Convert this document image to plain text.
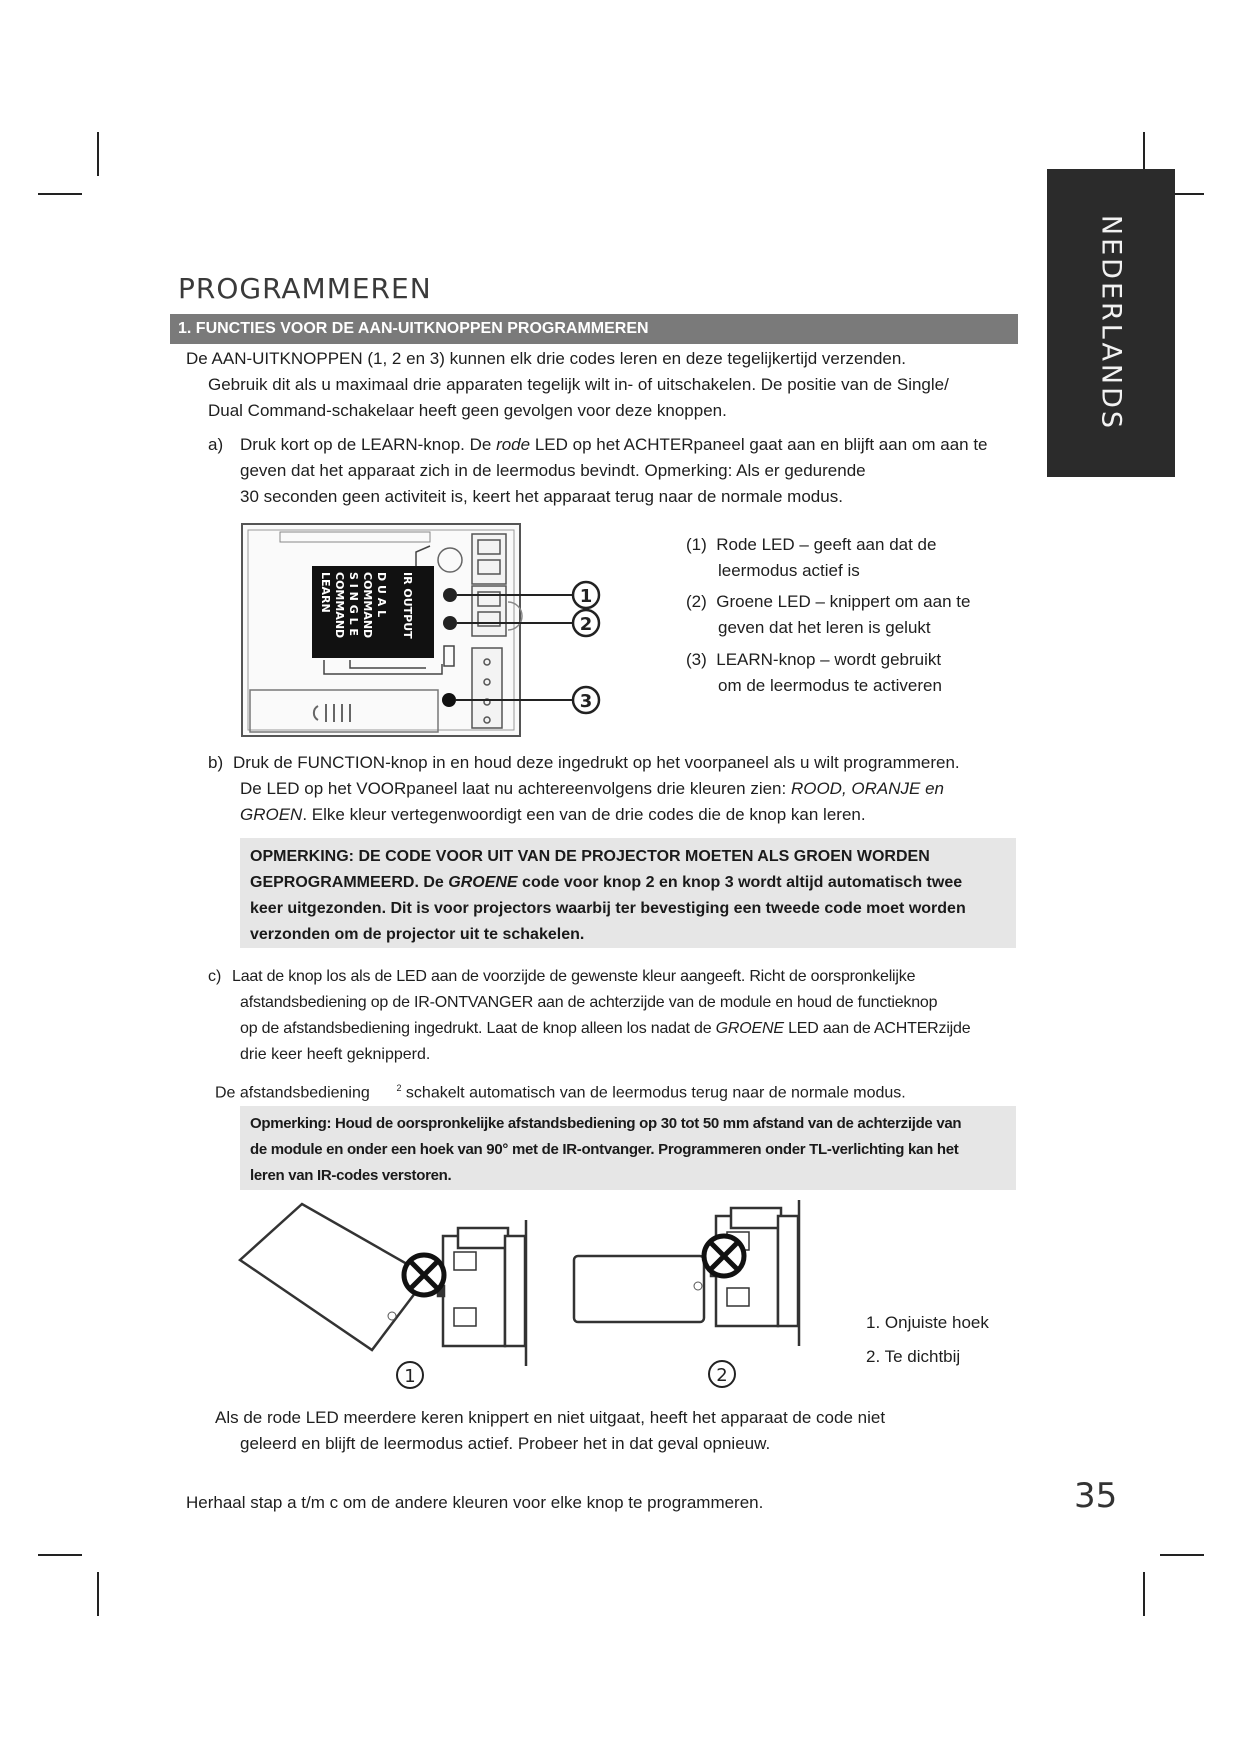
NEDERLANDS
PROGRAMMEREN
1. FUNCTIES VOOR DE AAN-UITKNOPPEN PROGRAMMEREN
De AAN-UITKNOPPEN (1, 2 en 3) kunnen elk drie codes leren en deze tegelijkertijd verzenden.
Gebruik dit als u maximaal drie apparaten tegelijk wilt in- of uitschakelen. De positie van de Single/
Dual Command-schakelaar heeft geen gevolgen voor deze knoppen.
a) Druk kort op de LEARN-knop. De rode LED op het ACHTERpaneel gaat aan en blijft aan om aan te
geven dat het apparaat zich in de leermodus bevindt. Opmerking: Als er gedurende
30 seconden geen activiteit is, keert het apparaat terug naar de normale modus.
LEARN COMMAND S I N G L E COMMAND D U A L IR OUTPUT	1
2
3
(1) Rode LED – geeft aan dat de
leermodus actief is
(2) Groene LED – knippert om aan te
geven dat het leren is gelukt
(3) LEARN-knop – wordt gebruikt
om de leermodus te activeren
b) Druk de FUNCTION-knop in en houd deze ingedrukt op het voorpaneel als u wilt programmeren.
De LED op het VOORpaneel laat nu achtereenvolgens drie kleuren zien: ROOD, ORANJE en
GROEN. Elke kleur vertegenwoordigt een van de drie codes die de knop kan leren.
OPMERKING: DE CODE VOOR UIT VAN DE PROJECTOR MOETEN ALS GROEN WORDEN
GEPROGRAMMEERD. De GROENE code voor knop 2 en knop 3 wordt altijd automatisch twee
keer uitgezonden. Dit is voor projectors waarbij ter bevestiging een tweede code moet worden
verzonden om de projector uit te schakelen.
c) Laat de knop los als de LED aan de voorzijde de gewenste kleur aangeeft. Richt de oorspronkelijke
afstandsbediening op de IR-ONTVANGER aan de achterzijde van de module en houd de functieknop
op de afstandsbediening ingedrukt. Laat de knop alleen los nadat de GROENE LED aan de ACHTERzijde
drie keer heeft geknipperd.
De afstandsbediening	$^2$ schakelt automatisch van de leermodus terug naar de normale modus.
Opmerking: Houd de oorspronkelijke afstandsbediening op 30 tot 50 mm afstand van de achterzijde van
de module en onder een hoek van 90° met de IR-ontvanger. Programmeren onder TL-verlichting kan het
leren van IR-codes verstoren.
1	2
1. Onjuiste hoek
2. Te dichtbij
Als de rode LED meerdere keren knippert en niet uitgaat, heeft het apparaat de code niet
geleerd en blijft de leermodus actief. Probeer het in dat geval opnieuw.
Herhaal stap a t/m c om de andere kleuren voor elke knop te programmeren.	35
